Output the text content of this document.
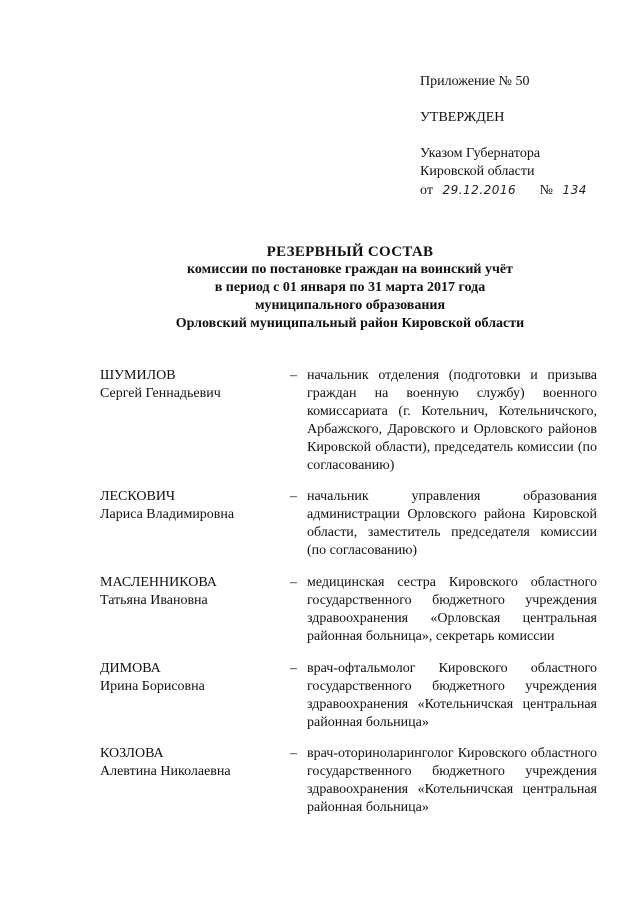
Приложение № 50
УТВЕРЖДЕН
Указом Губернатора
Кировской области
от 29.12.2016 № 134
РЕЗЕРВНЫЙ СОСТАВ
комиссии по постановке граждан на воинский учёт
в период с 01 января по 31 марта 2017 года
муниципального образования
Орловский муниципальный район Кировской области
ШУМИЛОВ
Сергей Геннадьевич
– начальник отделения (подготовки и призыва граждан на военную службу) военного комиссариата (г. Котельнич, Котельничского, Арбажского, Даровского и Орловского районов Кировской области), председатель комиссии (по согласованию)
ЛЕСКОВИЧ
Лариса Владимировна
– начальник управления образования администрации Орловского района Кировской области, заместитель председателя комиссии (по согласованию)
МАСЛЕННИКОВА
Татьяна Ивановна
– медицинская сестра Кировского областного государственного бюджетного учреждения здравоохранения «Орловская центральная районная больница», секретарь комиссии
ДИМОВА
Ирина Борисовна
– врач-офтальмолог Кировского областного государственного бюджетного учреждения здравоохранения «Котельничская центральная районная больница»
КОЗЛОВА
Алевтина Николаевна
– врач-оториноларинголог Кировского областного государственного бюджетного учреждения здравоохранения «Котельничская центральная районная больница»
